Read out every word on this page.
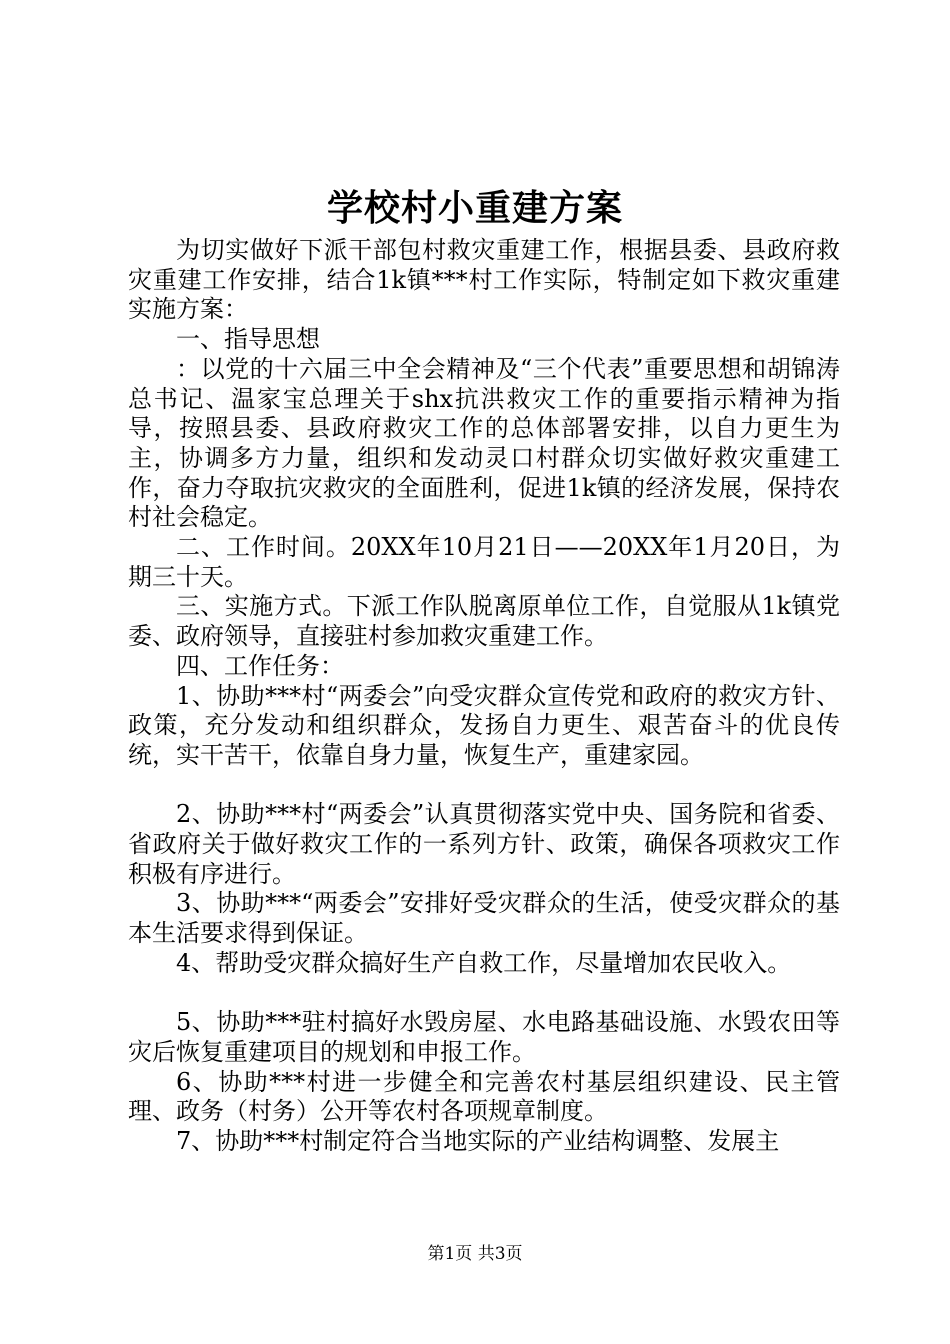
学校村小重建方案

为切实做好下派干部包村救灾重建工作，根据县委、县政府救灾重建工作安排，结合1k镇***村工作实际，特制定如下救灾重建实施方案：

一、指导思想

：以党的十六届三中全会精神及“三个代表”重要思想和胡锦涛总书记、温家宝总理关于shx抗洪救灾工作的重要指示精神为指导，按照县委、县政府救灾工作的总体部署安排，以自力更生为主，协调多方力量，组织和发动灵口村群众切实做好救灾重建工作，奋力夺取抗灾救灾的全面胜利，促进1k镇的经济发展，保持农村社会稳定。

二、工作时间。20XX年10月21日——20XX年1月20日，为期三十天。

三、实施方式。下派工作队脱离原单位工作，自觉服从1k镇党委、政府领导，直接驻村参加救灾重建工作。

四、工作任务：

1、协助***村“两委会”向受灾群众宣传党和政府的救灾方针、政策，充分发动和组织群众，发扬自力更生、艰苦奋斗的优良传统，实干苦干，依靠自身力量，恢复生产，重建家园。

2、协助***村“两委会”认真贯彻落实党中央、国务院和省委、省政府关于做好救灾工作的一系列方针、政策，确保各项救灾工作积极有序进行。

3、协助***“两委会”安排好受灾群众的生活，使受灾群众的基本生活要求得到保证。

4、帮助受灾群众搞好生产自救工作，尽量增加农民收入。

5、协助***驻村搞好水毁房屋、水电路基础设施、水毁农田等灾后恢复重建项目的规划和申报工作。

6、协助***村进一步健全和完善农村基层组织建设、民主管理、政务（村务）公开等农村各项规章制度。

7、协助***村制定符合当地实际的产业结构调整、发展主

第1页 共3页
